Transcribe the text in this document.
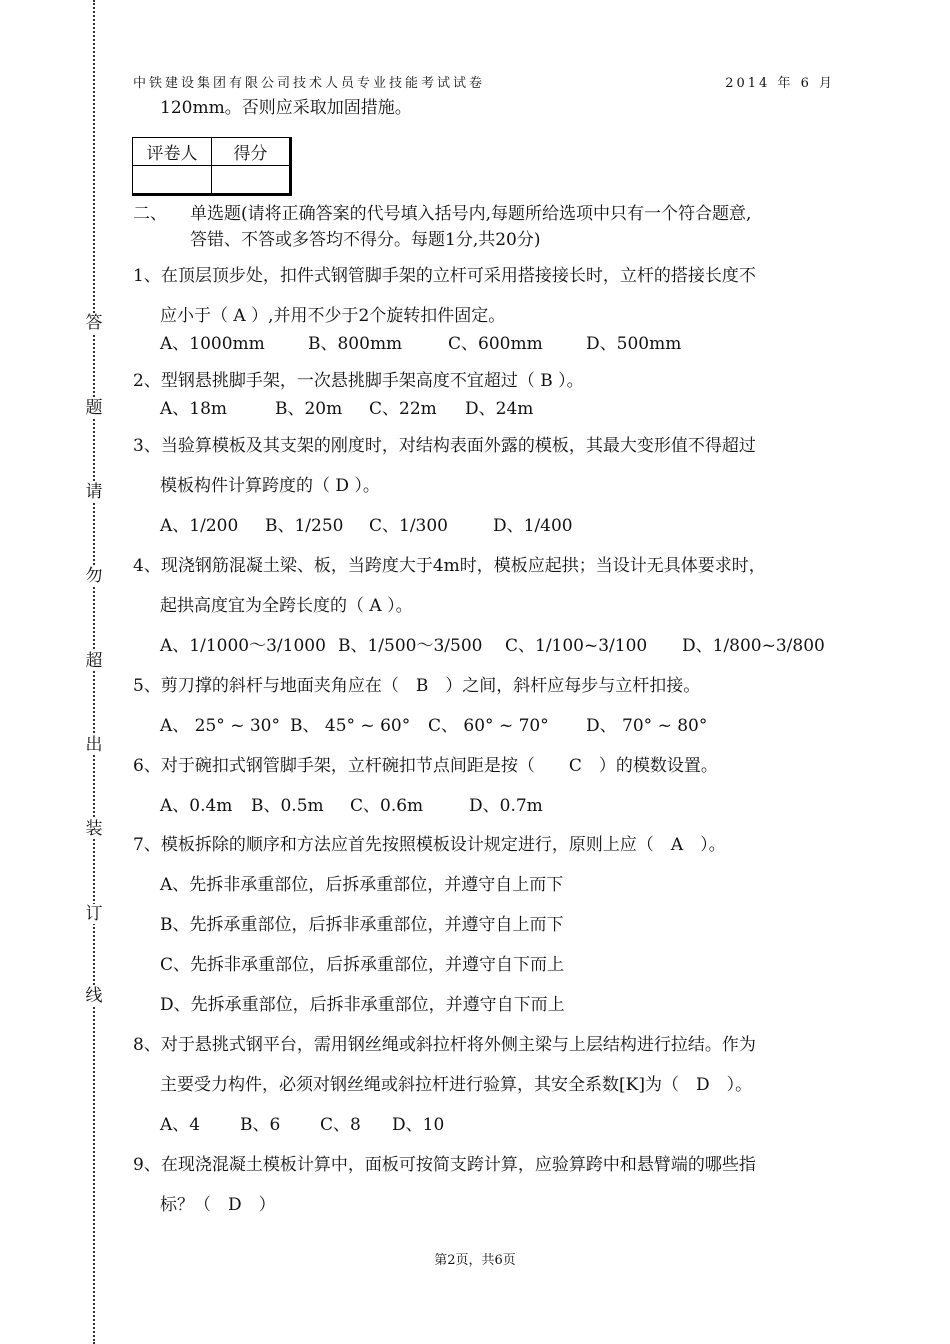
答
题
请
勿
超
出
装
订
线
中铁建设集团有限公司技术人员专业技能考试试卷	2014 年 6 月
120mm。否则应采取加固措施。
评卷人	得分

二、 单选题(请将正确答案的代号填入括号内,每题所给选项中只有一个符合题意,
答错、不答或多答均不得分。每题1分,共20分)
1、在顶层顶步处，扣件式钢管脚手架的立杆可采用搭接接长时，立杆的搭接长度不
应小于（ A ）,并用不少于2个旋转扣件固定。
A、1000mm	B、800mm	C、600mm	D、500mm
2、型钢悬挑脚手架，一次悬挑脚手架高度不宜超过（ B ）。
A、18m	B、20m C、22m D、24m
3、当验算模板及其支架的刚度时，对结构表面外露的模板，其最大变形值不得超过
模板构件计算跨度的（ D ）。
A、1/200 B、1/250 C、1/300	D、1/400
4、现浇钢筋混凝土梁、板，当跨度大于4m时，模板应起拱；当设计无具体要求时，
起拱高度宜为全跨长度的（ A ）。
A、1/1000～3/1000 B、1/500～3/500 C、1/100~3/100 D、1/800~3/800
5、剪刀撑的斜杆与地面夹角应在（　B　）之间，斜杆应每步与立杆扣接。
A、 25° ~ 30° B、 45° ~ 60° C、 60° ~ 70° D、 70° ~ 80°
6、对于碗扣式钢管脚手架，立杆碗扣节点间距是按（　　C　）的模数设置。
A、0.4m B、0.5m C、0.6m	D、0.7m
7、模板拆除的顺序和方法应首先按照模板设计规定进行，原则上应（　A　）。
A、先拆非承重部位，后拆承重部位，并遵守自上而下
B、先拆承重部位，后拆非承重部位，并遵守自上而下
C、先拆非承重部位，后拆承重部位，并遵守自下而上
D、先拆承重部位，后拆非承重部位，并遵守自下而上
8、对于悬挑式钢平台，需用钢丝绳或斜拉杆将外侧主梁与上层结构进行拉结。作为
主要受力构件，必须对钢丝绳或斜拉杆进行验算，其安全系数[K]为（　D　）。
A、4 B、6 C、8 D、10
9、在现浇混凝土模板计算中，面板可按简支跨计算，应验算跨中和悬臂端的哪些指
标？（　D　）
第2页，共6页
